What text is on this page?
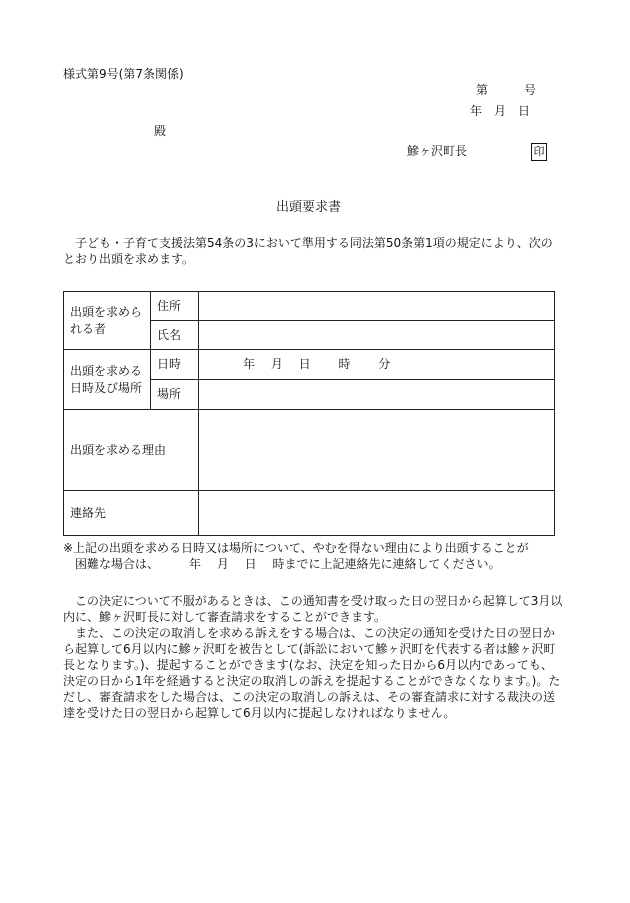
様式第9号(第7条関係)
第　　　号
年　月　日
殿
鰺ヶ沢町長	印
出頭要求書

子ども・子育て支援法第54条の3において準用する同法第50条第1項の規定により、次のとおり出頭を求めます。

出頭を求められる者	住所	
	氏名	
出頭を求める日時及び場所	日時	年　 月　 日　　 時　　 分
	場所	
出頭を求める理由		
連絡先		
※上記の出頭を求める日時又は場所について、やむを得ない理由により出頭することが
困難な場合は、　　　年　 月　 日　 時までに上記連絡先に連絡してください。

この決定について不服があるときは、この通知書を受け取った日の翌日から起算して3月以内に、鰺ヶ沢町長に対して審査請求をすることができます。

また、この決定の取消しを求める訴えをする場合は、この決定の通知を受けた日の翌日から起算して6月以内に鰺ヶ沢町を被告として(訴訟において鰺ヶ沢町を代表する者は鰺ヶ沢町長となります。)、提起することができます(なお、決定を知った日から6月以内であっても、決定の日から1年を経過すると決定の取消しの訴えを提起することができなくなります。)。ただし、審査請求をした場合は、この決定の取消しの訴えは、その審査請求に対する裁決の送達を受けた日の翌日から起算して6月以内に提起しなければなりません。
